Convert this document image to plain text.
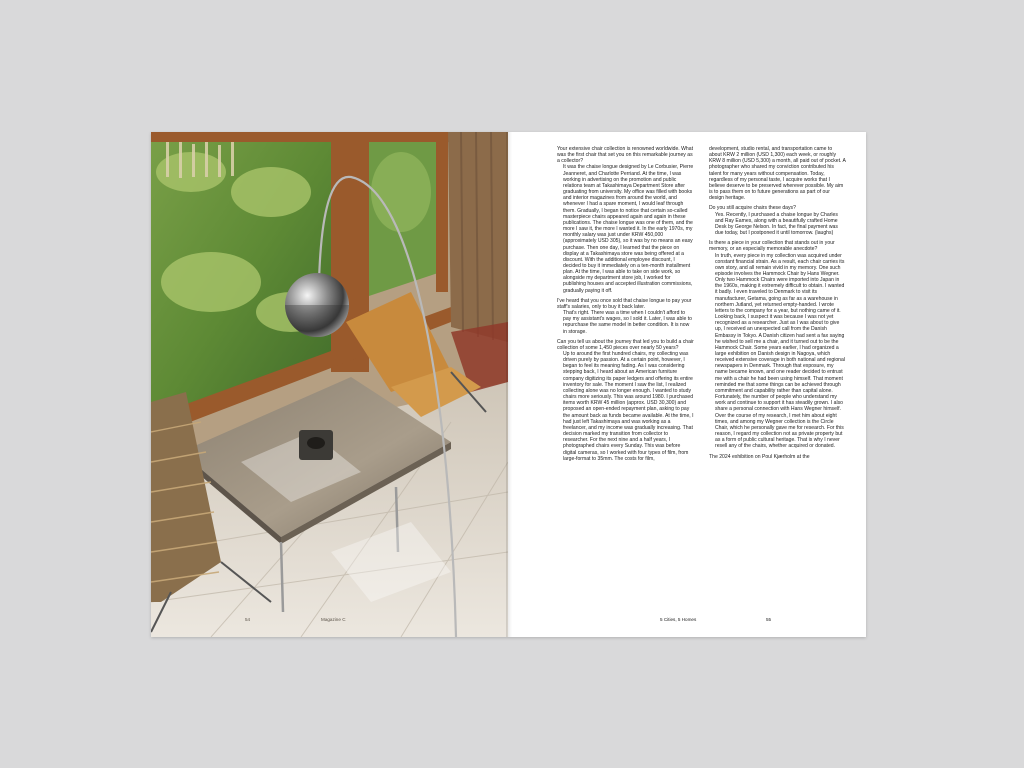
54	Magazine C

Your extensive chair collection is renowned worldwide. What was the first chair that set you on this remarkable journey as a collector?
It was the chaise longue designed by Le Corbusier, Pierre Jeanneret, and Charlotte Perriand. At the time, I was working in advertising on the promotion and public relations team at Takashimaya Department Store after graduating from university. My office was filled with books and interior magazines from around the world, and whenever I had a spare moment, I would leaf through them. Gradually, I began to notice that certain so-called masterpiece chairs appeared again and again in these publications. The chaise longue was one of them, and the more I saw it, the more I wanted it. In the early 1970s, my monthly salary was just under KRW 450,000 (approximately USD 305), so it was by no means an easy purchase. Then one day, I learned that the piece on display at a Takashimaya store was being offered at a discount. With the additional employee discount, I decided to buy it immediately on a ten-month installment plan. At the time, I was able to take on side work, so alongside my department store job, I worked for publishing houses and accepted illustration commissions, gradually paying it off.

I've heard that you once sold that chaise longue to pay your staff's salaries, only to buy it back later.
That's right. There was a time when I couldn't afford to pay my assistant's wages, so I sold it. Later, I was able to repurchase the same model in better condition. It is now in storage.

Can you tell us about the journey that led you to build a chair collection of some 1,450 pieces over nearly 50 years?
Up to around the first hundred chairs, my collecting was driven purely by passion. At a certain point, however, I began to feel its meaning fading. As I was considering stepping back, I heard about an American furniture company digitizing its paper ledgers and offering its entire inventory for sale. The moment I saw the list, I realized collecting alone was no longer enough. I wanted to study chairs more seriously. This was around 1980. I purchased items worth KRW 45 million (approx. USD 30,300) and proposed an open-ended repayment plan, asking to pay the amount back as funds became available. At the time, I had just left Takashimaya and was working as a freelancer, and my income was gradually increasing. That decision marked my transition from collector to researcher. For the next nine and a half years, I photographed chairs every Sunday. This was before digital cameras, so I worked with four types of film, from large-format to 35mm. The costs for film,

development, studio rental, and transportation came to about KRW 2 million (USD 1,300) each week, or roughly KRW 8 million (USD 5,300) a month, all paid out of pocket. A photographer who shared my conviction contributed his talent for many years without compensation. Today, regardless of my personal taste, I acquire works that I believe deserve to be preserved wherever possible. My aim is to pass them on to future generations as part of our design heritage.

Do you still acquire chairs these days?
Yes. Recently, I purchased a chaise longue by Charles and Ray Eames, along with a beautifully crafted Home Desk by George Nelson. In fact, the final payment was due today, but I postponed it until tomorrow. (laughs)

Is there a piece in your collection that stands out in your memory, or an especially memorable anecdote?
In truth, every piece in my collection was acquired under constant financial strain. As a result, each chair carries its own story, and all remain vivid in my memory. One such episode involves the Hammock Chair by Hans Wegner. Only two Hammock Chairs were imported into Japan in the 1960s, making it extremely difficult to obtain. I wanted it badly. I even traveled to Denmark to visit its manufacturer, Getama, going as far as a warehouse in northern Jutland, yet returned empty-handed. I wrote letters to the company for a year, but nothing came of it. Looking back, I suspect it was because I was not yet recognized as a researcher. Just as I was about to give up, I received an unexpected call from the Danish Embassy in Tokyo. A Danish citizen had sent a fax saying he wished to sell me a chair, and it turned out to be the Hammock Chair. Some years earlier, I had organized a large exhibition on Danish design in Nagoya, which received extensive coverage in both national and regional newspapers in Denmark. Through that exposure, my name became known, and one reader decided to entrust me with a chair he had been using himself. That moment reminded me that some things can be achieved through commitment and capability rather than capital alone. Fortunately, the number of people who understand my work and continue to support it has steadily grown. I also share a personal connection with Hans Wegner himself. Over the course of my research, I met him about eight times, and among my Wegner collection is the Circle Chair, which he personally gave me for research. For this reason, I regard my collection not as private property but as a form of public cultural heritage. That is why I never resell any of the chairs, whether acquired or donated.

The 2024 exhibition on Poul Kjærholm at the

5 Cities, 5 Homes	55
